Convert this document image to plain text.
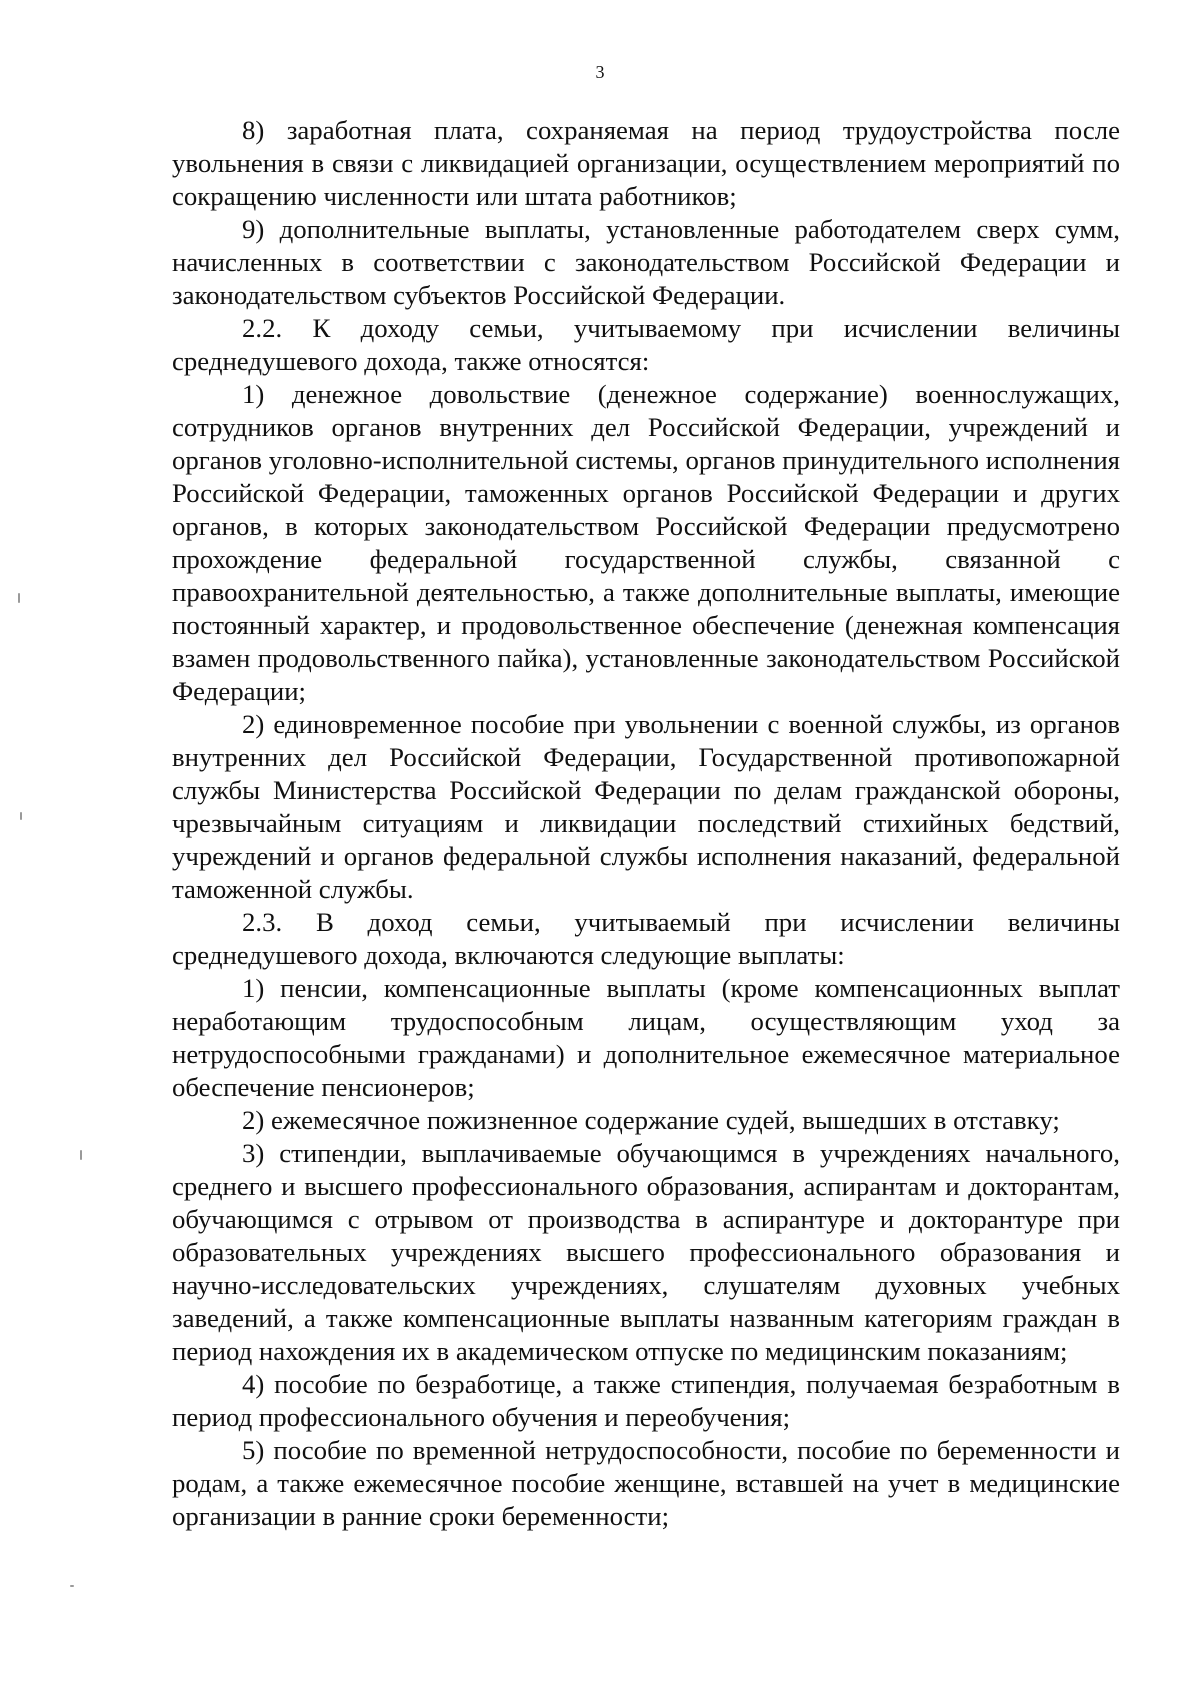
3

8) заработная плата, сохраняемая на период трудоустройства после увольнения в связи с ликвидацией организации, осуществлением мероприятий по сокращению численности или штата работников;

9) дополнительные выплаты, установленные работодателем сверх сумм, начисленных в соответствии с законодательством Российской Федерации и законодательством субъектов Российской Федерации.

2.2. К доходу семьи, учитываемому при исчислении величины среднедушевого дохода, также относятся:

1) денежное довольствие (денежное содержание) военнослужащих, сотрудников органов внутренних дел Российской Федерации, учреждений и органов уголовно-исполнительной системы, органов принудительного исполнения Российской Федерации, таможенных органов Российской Федерации и других органов, в которых законодательством Российской Федерации предусмотрено прохождение федеральной государственной службы, связанной с правоохранительной деятельностью, а также дополнительные выплаты, имеющие постоянный характер, и продовольственное обеспечение (денежная компенсация взамен продовольственного пайка), установленные законодательством Российской Федерации;

2) единовременное пособие при увольнении с военной службы, из органов внутренних дел Российской Федерации, Государственной противопожарной службы Министерства Российской Федерации по делам гражданской обороны, чрезвычайным ситуациям и ликвидации последствий стихийных бедствий, учреждений и органов федеральной службы исполнения наказаний, федеральной таможенной службы.

2.3. В доход семьи, учитываемый при исчислении величины среднедушевого дохода, включаются следующие выплаты:

1) пенсии, компенсационные выплаты (кроме компенсационных выплат неработающим трудоспособным лицам, осуществляющим уход за нетрудоспособными гражданами) и дополнительное ежемесячное материальное обеспечение пенсионеров;

2) ежемесячное пожизненное содержание судей, вышедших в отставку;

3) стипендии, выплачиваемые обучающимся в учреждениях начального, среднего и высшего профессионального образования, аспирантам и докторантам, обучающимся с отрывом от производства в аспирантуре и докторантуре при образовательных учреждениях высшего профессионального образования и научно-исследовательских учреждениях, слушателям духовных учебных заведений, а также компенсационные выплаты названным категориям граждан в период нахождения их в академическом отпуске по медицинским показаниям;

4) пособие по безработице, а также стипендия, получаемая безработным в период профессионального обучения и переобучения;

5) пособие по временной нетрудоспособности, пособие по беременности и родам, а также ежемесячное пособие женщине, вставшей на учет в медицинские организации в ранние сроки беременности;
